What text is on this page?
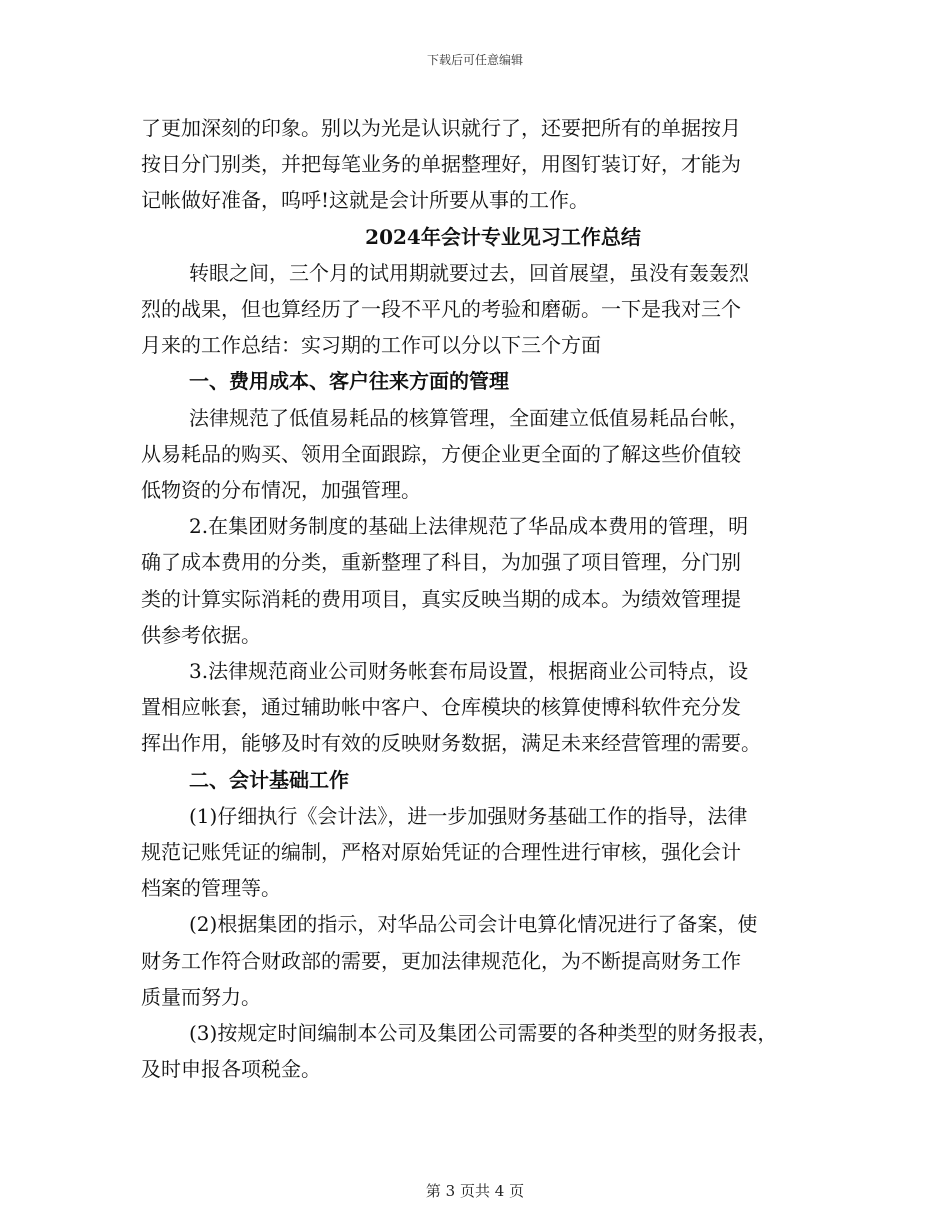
下载后可任意编辑
了更加深刻的印象。别以为光是认识就行了，还要把所有的单据按月
按日分门别类，并把每笔业务的单据整理好，用图钉装订好，才能为
记帐做好准备，呜呼!这就是会计所要从事的工作。
2024年会计专业见习工作总结
转眼之间，三个月的试用期就要过去，回首展望，虽没有轰轰烈
烈的战果，但也算经历了一段不平凡的考验和磨砺。一下是我对三个
月来的工作总结：实习期的工作可以分以下三个方面
一、费用成本、客户往来方面的管理
法律规范了低值易耗品的核算管理，全面建立低值易耗品台帐，
从易耗品的购买、领用全面跟踪，方便企业更全面的了解这些价值较
低物资的分布情况，加强管理。
2.在集团财务制度的基础上法律规范了华品成本费用的管理，明
确了成本费用的分类，重新整理了科目，为加强了项目管理，分门别
类的计算实际消耗的费用项目，真实反映当期的成本。为绩效管理提
供参考依据。
3.法律规范商业公司财务帐套布局设置，根据商业公司特点，设
置相应帐套，通过辅助帐中客户、仓库模块的核算使博科软件充分发
挥出作用，能够及时有效的反映财务数据，满足未来经营管理的需要。
二、会计基础工作
(1)仔细执行《会计法》，进一步加强财务基础工作的指导，法律
规范记账凭证的编制，严格对原始凭证的合理性进行审核，强化会计
档案的管理等。
(2)根据集团的指示，对华品公司会计电算化情况进行了备案，使
财务工作符合财政部的需要，更加法律规范化，为不断提高财务工作
质量而努力。
(3)按规定时间编制本公司及集团公司需要的各种类型的财务报表，
及时申报各项税金。
第 3 页共 4 页
